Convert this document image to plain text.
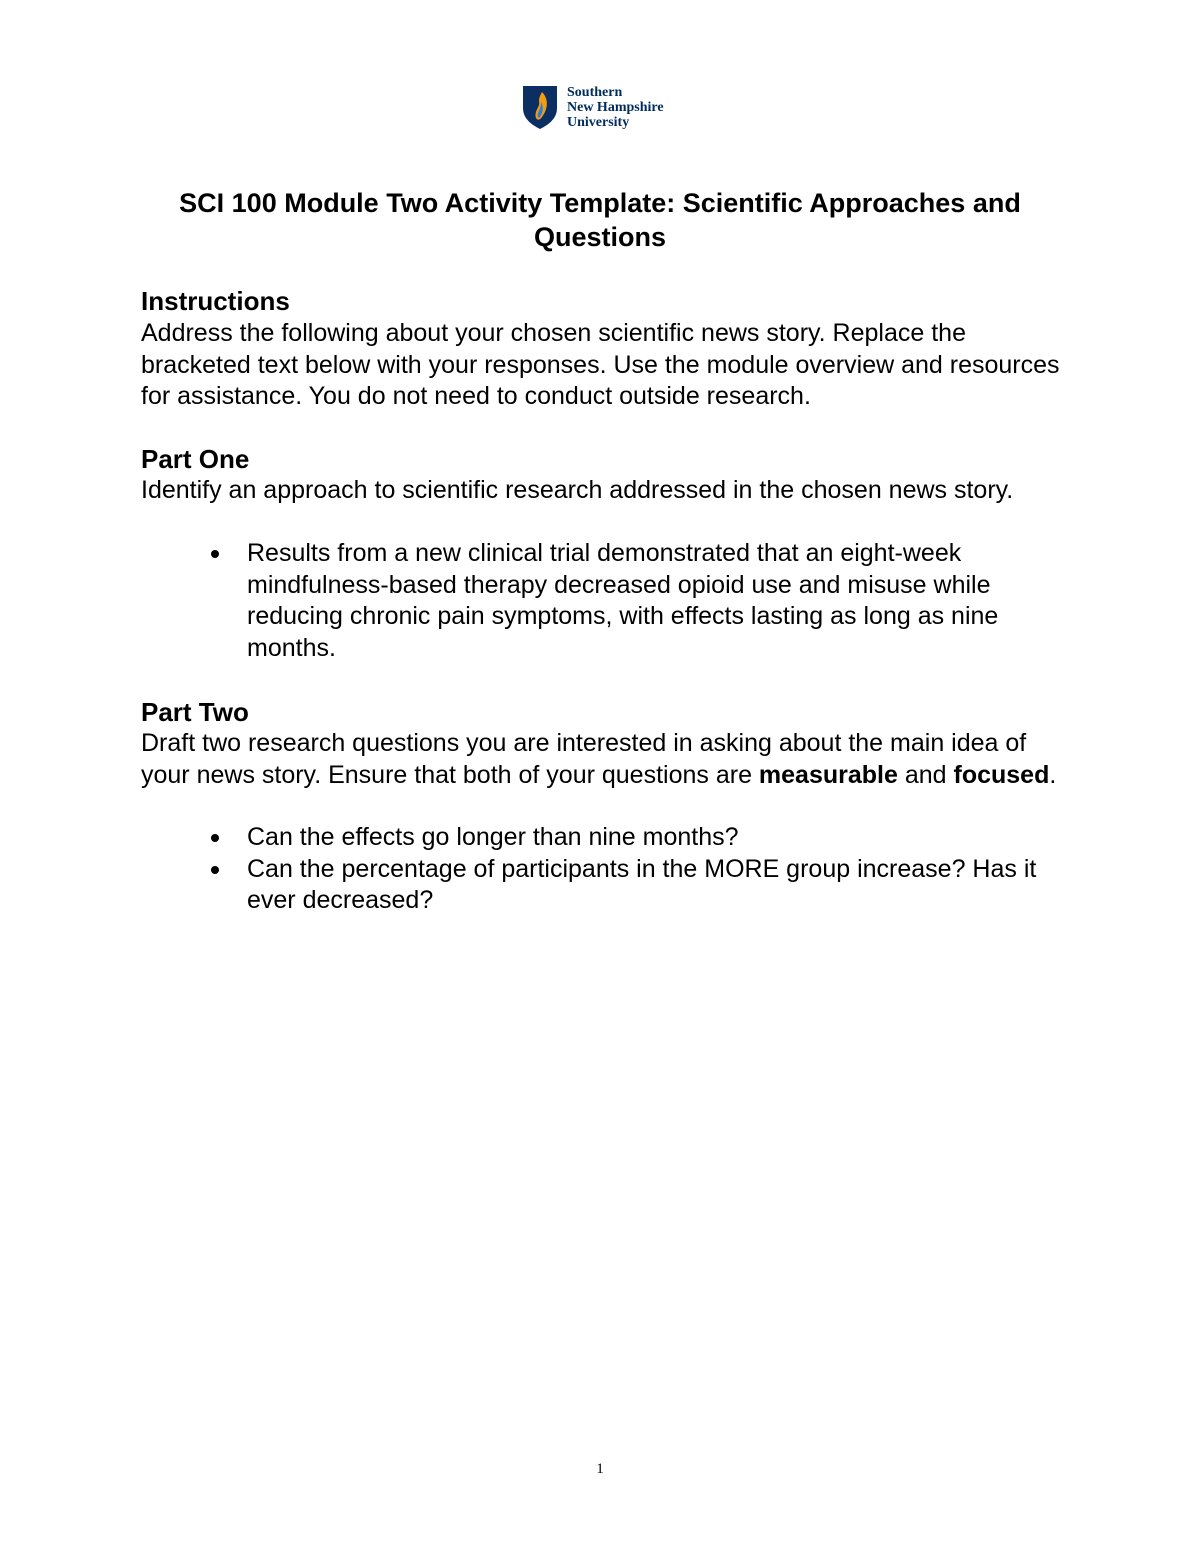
Southern
New Hampshire
University
SCI 100 Module Two Activity Template: Scientific Approaches and Questions
Instructions

Address the following about your chosen scientific news story. Replace the bracketed text below with your responses. Use the module overview and resources for assistance. You do not need to conduct outside research.

Part One

Identify an approach to scientific research addressed in the chosen news story.

Results from a new clinical trial demonstrated that an eight-week mindfulness-based therapy decreased opioid use and misuse while reducing chronic pain symptoms, with effects lasting as long as nine months.
Part Two

Draft two research questions you are interested in asking about the main idea of your news story. Ensure that both of your questions are measurable and focused.

Can the effects go longer than nine months?
Can the percentage of participants in the MORE group increase? Has it ever decreased?
1
